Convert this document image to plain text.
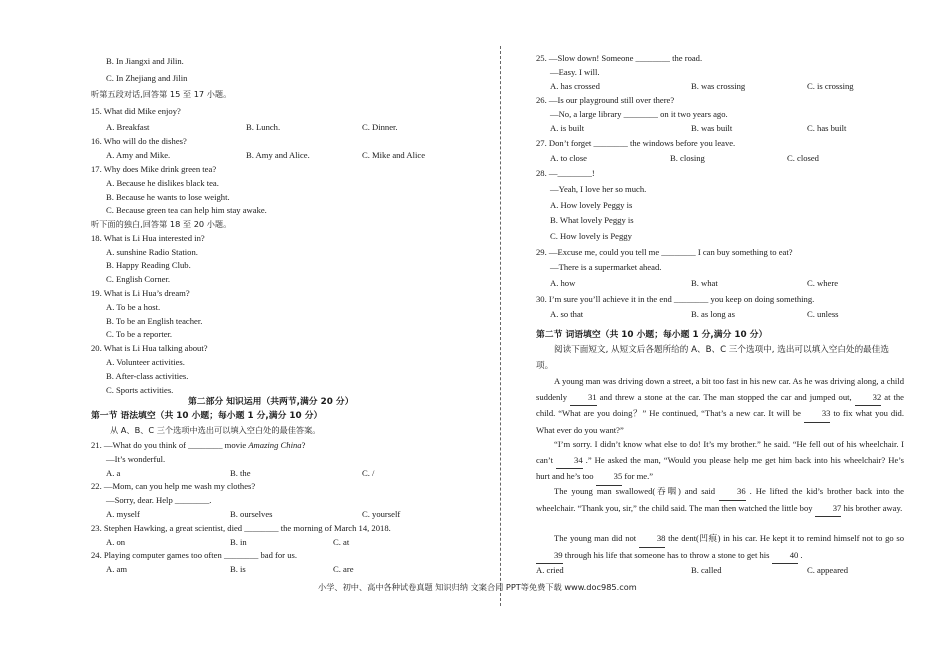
B. In Jiangxi and Jilin.
C. In Zhejiang and Jilin
听第五段对话,回答第 15 至 17 小题。
15. What did Mike enjoy?
A. Breakfast	B. Lunch.	C. Dinner.
16. Who will do the dishes?
A. Amy and Mike.	B. Amy and Alice.	C. Mike and Alice
17. Why does Mike drink green tea?
A. Because he dislikes black tea.
B. Because he wants to lose weight.
C. Because green tea can help him stay awake.
听下面的独白,回答第 18 至 20 小题。
18. What is Li Hua interested in?
A. sunshine Radio Station.
B. Happy Reading Club.
C. English Corner.
19. What is Li Hua’s dream?
A. To be a host.
B. To be an English teacher.
C. To be a reporter.
20. What is Li Hua talking about?
A. Volunteer activities.
B. After-class activities.
C. Sports activities.
第二部分 知识运用（共两节,满分 20 分）
第一节 语法填空（共 10 小题；每小题 1 分,满分 10 分）
从 A、B、C 三个选项中选出可以填入空白处的最佳答案。
21. —What do you think of ________ movie Amazing China?
—It’s wonderful.
A. a	B. the	C. /
22. —Mom, can you help me wash my clothes?
—Sorry, dear. Help ________.
A. myself	B. ourselves	C. yourself
23. Stephen Hawking, a great scientist, died ________ the morning of March 14, 2018.
A. on	B. in	C. at
24. Playing computer games too often ________ bad for us.
A. am	B. is	C. are
25. —Slow down! Someone ________ the road.
—Easy. I will.
A. has crossed	B. was crossing	C. is crossing
26. —Is our playground still over there?
—No, a large library ________ on it two years ago.
A. is built	B. was built	C. has built
27. Don’t forget ________ the windows before you leave.
A. to close	B. closing	C. closed
28. —________!
—Yeah, I love her so much.
A. How lovely Peggy is
B. What lovely Peggy is
C. How lovely is Peggy
29. —Excuse me, could you tell me ________ I can buy something to eat?
—There is a supermarket ahead.
A. how	B. what	C. where
30. I’m sure you’ll achieve it in the end ________ you keep on doing something.
A. so that	B. as long as	C. unless
第二节 词语填空（共 10 小题；每小题 1 分,满分 10 分）
阅读下面短文, 从短文后各题所给的 A、B、C 三个选项中, 选出可以填入空白处的最佳选项。
A young man was driving down a street, a bit too fast in his new car. As he was driving along, a child suddenly 31 and threw a stone at the car. The man stopped the car and jumped out, 32 at the child. “What are you doing？” He continued, “That’s a new car. It will be 33 to fix what you did. What ever do you want?”
“I’m sorry. I didn’t know what else to do! It’s my brother.” he said. “He fell out of his wheelchair. I can’t 34 .” He asked the man, “Would you please help me get him back into his wheelchair? He’s hurt and he’s too 35 for me.”
The young man swallowed(吞咽) and said 36 . He lifted the kid’s brother back into the wheelchair. “Thank you, sir,” the child said. The man then watched the little boy 37 his brother away.
The young man did not 38 the dent(凹痕) in his car. He kept it to remind himself not to go so 39 through his life that someone has to throw a stone to get his 40 .
A. cried	B. called	C. appeared
小学、初中、高中各种试卷真题 知识归纳 文案合同 PPT等免费下载 www.doc985.com
